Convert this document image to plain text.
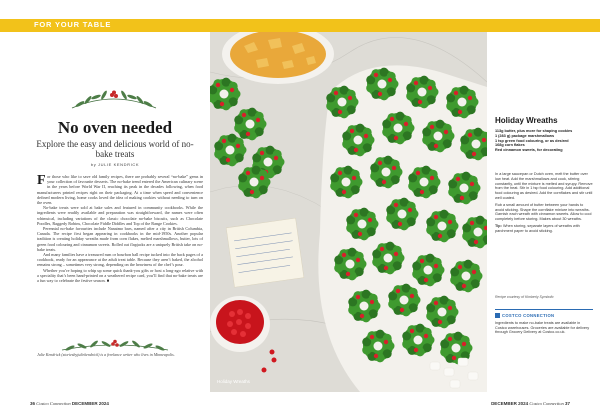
FOR YOUR TABLE
No oven needed
Explore the easy and delicious world of no-bake treats
by JULIE KENDRICK

For those who like to save old family recipes, there are probably several “no-bake” gems in your collection of favourite desserts. The no-bake trend entered the American culinary scene in the years before World War II, reaching its peak in the decades following, when food manufacturers printed recipes right on their packaging. At a time when speed and convenience defined modern living, home cooks loved the idea of making cookies without needing to turn on the oven.

No-bake treats were sold at bake sales and featured in community cookbooks. While the ingredients were readily available and preparation was straightforward, the names were often whimsical, including variations of the classic chocolate no-bake biscuits, such as Chocolate Poodles, Raggedy Robins, Chocolate Fiddle Diddles and Top of the Range Cookies.

Perennial no-bake favourites include Nanaimo bars, named after a city in British Columbia, Canada. The recipe first began appearing in cookbooks in the mid-1950s. Another popular tradition is creating holiday wreaths made from corn flakes, melted marshmallows, butter, lots of green food colouring and cinnamon sweets. Rolled oat flapjacks are a uniquely British take on no-bake treats.

And many families have a treasured rum or bourbon ball recipe tucked into the back pages of a cookbook, ready for an appearance at the adult treat table. Because they aren’t baked, the alcohol remains strong – sometimes very strong, depending on the heaviness of the chef’s pour.

Whether you’re hoping to whip up some quick thank-you gifts or host a long-ago relative with a speciality that’s been hand-printed on a weathered recipe card, you’ll find that no-bake treats are a fun way to celebrate the festive season. ■

Julie Kendrick (storiesbyjuliekendrick) is a freelance writer who lives in Minneapolis.
Holiday Wreaths
Holiday Wreaths
113g butter, plus more for shaping cookies
1 (283 g) package marshmallows
1 tsp green food colouring, or as desired
168g corn flakes
Red cinnamon sweets, for decorating

In a large saucepan or Dutch oven, melt the butter over low heat. Add the marshmallows and cook, stirring constantly, until the mixture is melted and syrupy. Remove from the heat. Stir in 1 tsp food colouring. Add additional food colouring as desired. Add the cornflakes and stir until well coated.

Rub a small amount of butter between your hands to avoid sticking. Shape the cornflake mixture into wreaths. Garnish each wreath with cinnamon sweets. Allow to cool completely before storing. Makes about 30 wreaths.

Tip: When storing, separate layers of wreaths with parchment paper to avoid sticking.

Recipe courtesy of Kimberly Symbolic
COSTCO CONNECTION
Ingredients to make no-bake treats are available in Costco warehouses. Groceries are available for delivery through Grocery Delivery at Costco.co.uk.
36 Costco Connection DECEMBER 2024	DECEMBER 2024 Costco Connection 37
